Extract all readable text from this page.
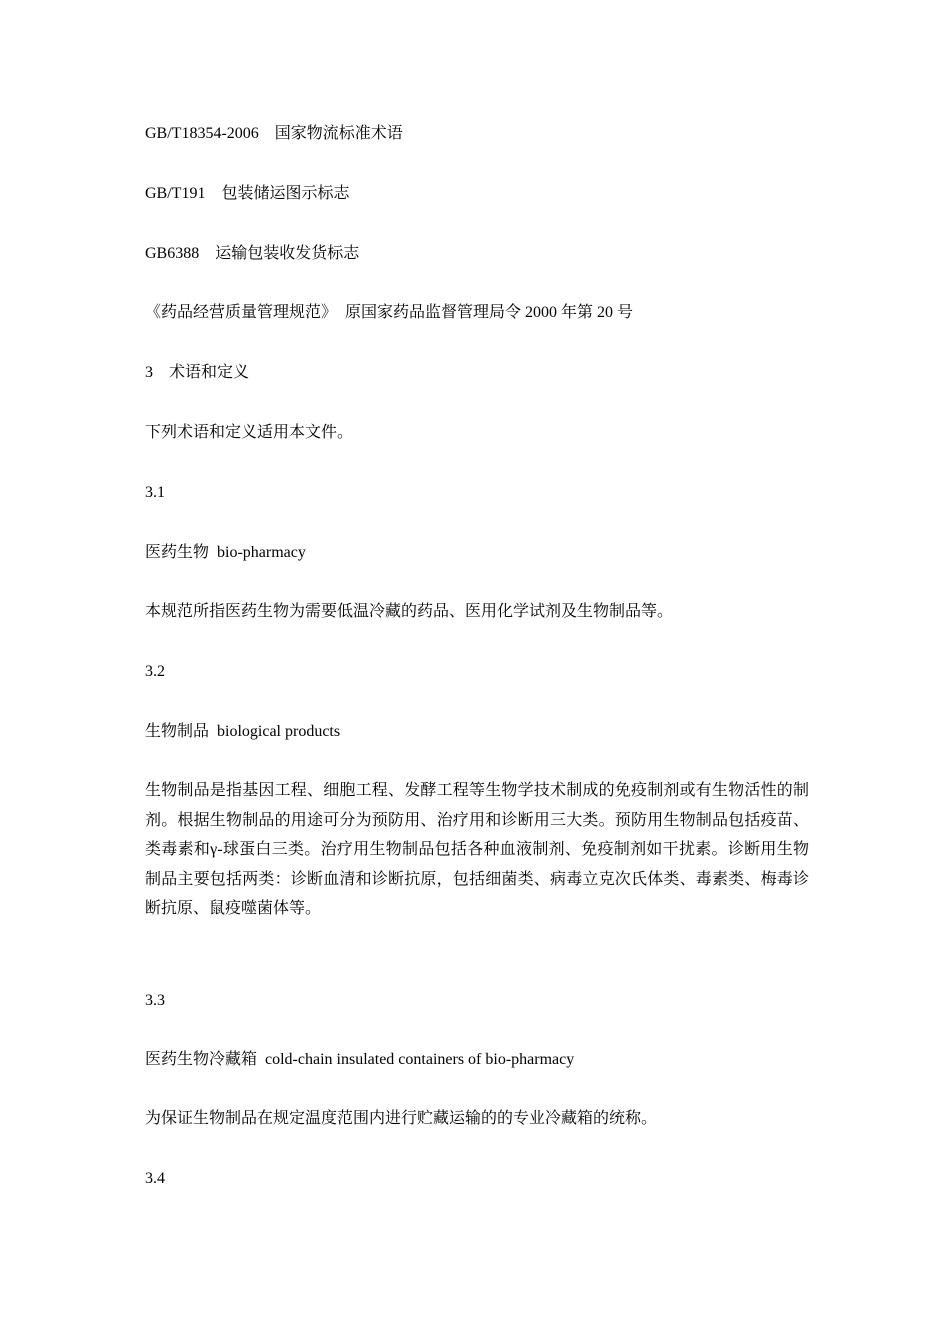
GB/T18354-2006　国家物流标准术语
GB/T191　包装储运图示标志
GB6388　运输包装收发货标志
《药品经营质量管理规范》　原国家药品监督管理局令 2000 年第 20 号
3　术语和定义
下列术语和定义适用本文件。
3.1
医药生物  bio-pharmacy
本规范所指医药生物为需要低温冷藏的药品、医用化学试剂及生物制品等。
3.2
生物制品  biological products
生物制品是指基因工程、细胞工程、发酵工程等生物学技术制成的免疫制剂或有生物活性的制剂。根据生物制品的用途可分为预防用、治疗用和诊断用三大类。预防用生物制品包括疫苗、类毒素和γ-球蛋白三类。治疗用生物制品包括各种血液制剂、免疫制剂如干扰素。诊断用生物制品主要包括两类：诊断血清和诊断抗原，包括细菌类、病毒立克次氏体类、毒素类、梅毒诊断抗原、鼠疫噬菌体等。
3.3
医药生物冷藏箱  cold-chain insulated containers of bio-pharmacy
为保证生物制品在规定温度范围内进行贮藏运输的的专业冷藏箱的统称。
3.4
